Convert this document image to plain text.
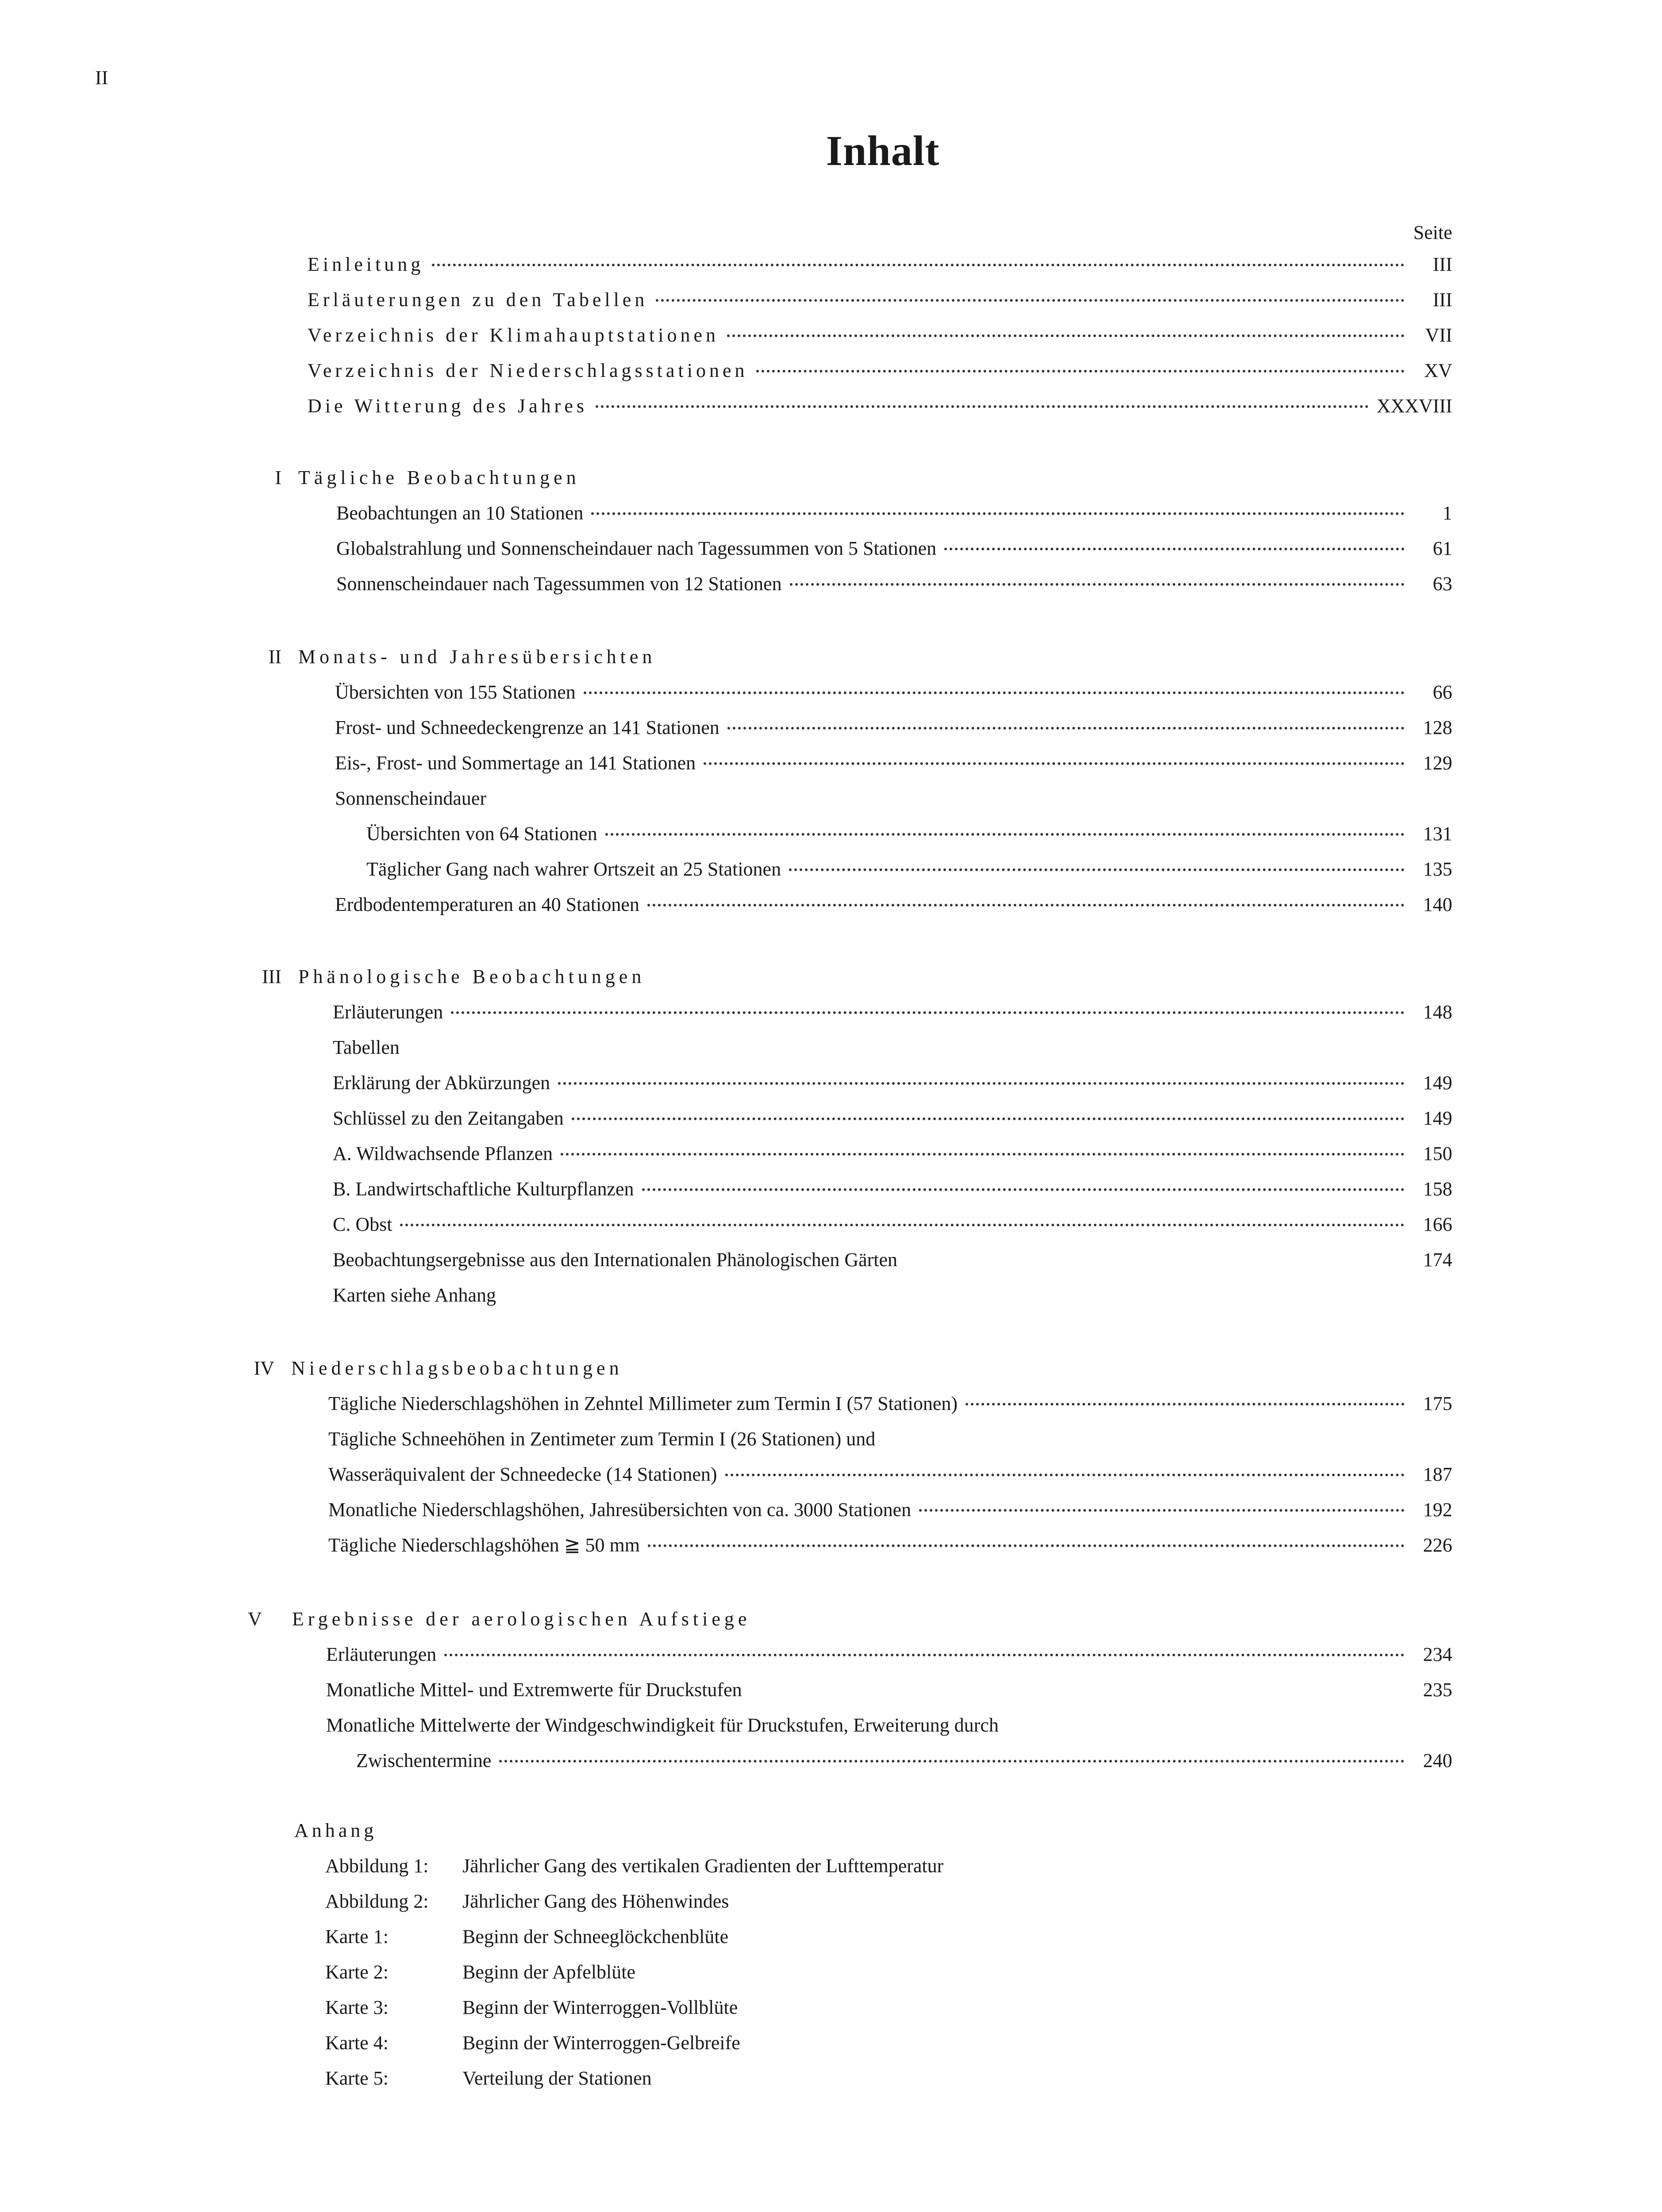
II
Inhalt
Seite
Einleitung	III
Erläuterungen zu den Tabellen	III
Verzeichnis der Klimahauptstationen	VII
Verzeichnis der Niederschlagsstationen	XV
Die Witterung des Jahres	XXXVIII
I Tägliche Beobachtungen
Beobachtungen an 10 Stationen	1
Globalstrahlung und Sonnenscheindauer nach Tagessummen von 5 Stationen	61
Sonnenscheindauer nach Tagessummen von 12 Stationen	63
II Monats- und Jahresübersichten
Übersichten von 155 Stationen	66
Frost- und Schneedeckengrenze an 141 Stationen	128
Eis-, Frost- und Sommertage an 141 Stationen	129
Sonnenscheindauer
Übersichten von 64 Stationen	131
Täglicher Gang nach wahrer Ortszeit an 25 Stationen	135
Erdbodentemperaturen an 40 Stationen	140
III Phänologische Beobachtungen
Erläuterungen	148
Tabellen
Erklärung der Abkürzungen	149
Schlüssel zu den Zeitangaben	149
A. Wildwachsende Pflanzen	150
B. Landwirtschaftliche Kulturpflanzen	158
C. Obst	166
Beobachtungsergebnisse aus den Internationalen Phänologischen Gärten	174
Karten siehe Anhang
IV Niederschlagsbeobachtungen
Tägliche Niederschlagshöhen in Zehntel Millimeter zum Termin I (57 Stationen)	175
Tägliche Schneehöhen in Zentimeter zum Termin I (26 Stationen) und
Wasseräquivalent der Schneedecke (14 Stationen)	187
Monatliche Niederschlagshöhen, Jahresübersichten von ca. 3000 Stationen	192
Tägliche Niederschlagshöhen ≧ 50 mm	226
V Ergebnisse der aerologischen Aufstiege
Erläuterungen	234
Monatliche Mittel- und Extremwerte für Druckstufen	235
Monatliche Mittelwerte der Windgeschwindigkeit für Druckstufen, Erweiterung durch
Zwischentermine	240
Anhang
Abbildung 1: Jährlicher Gang des vertikalen Gradienten der Lufttemperatur
Abbildung 2: Jährlicher Gang des Höhenwindes
Karte 1:	Beginn der Schneeglöckchenblüte
Karte 2:	Beginn der Apfelblüte
Karte 3:	Beginn der Winterroggen-Vollblüte
Karte 4:	Beginn der Winterroggen-Gelbreife
Karte 5:	Verteilung der Stationen
